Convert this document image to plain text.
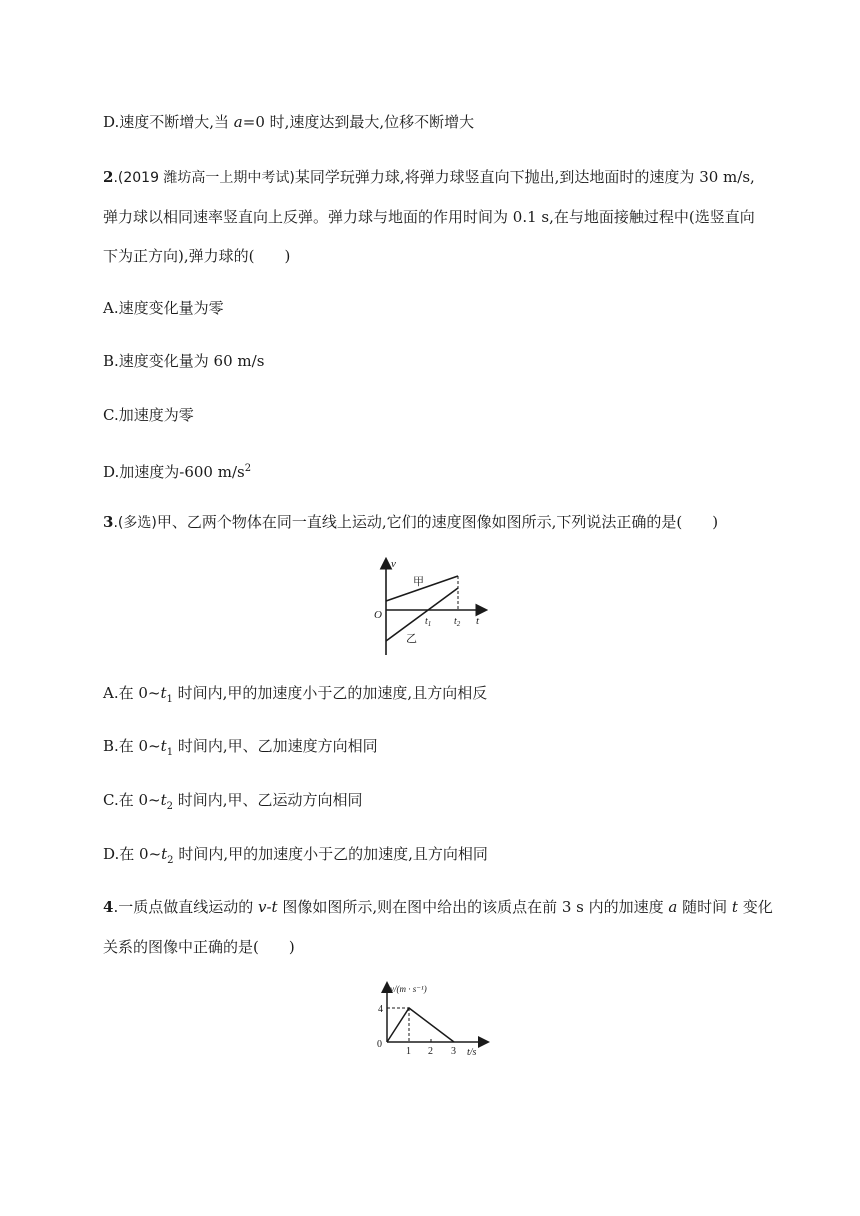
D.速度不断增大,当 a=0 时,速度达到最大,位移不断增大
2.(2019 潍坊高一上期中考试)某同学玩弹力球,将弹力球竖直向下抛出,到达地面时的速度为 30 m/s,
弹力球以相同速率竖直向上反弹。弹力球与地面的作用时间为 0.1 s,在与地面接触过程中(选竖直向
下为正方向),弹力球的(　　)
A.速度变化量为零
B.速度变化量为 60 m/s
C.加速度为零
D.加速度为-600 $m/s^2$
3.(多选)甲、乙两个物体在同一直线上运动,它们的速度图像如图所示,下列说法正确的是(　　)
v
甲
O
$t_1$ $t_2$ t
乙
A.在 $0\sim t_1$ 时间内,甲的加速度小于乙的加速度,且方向相反
B.在 $0\sim t_1$ 时间内,甲、乙加速度方向相同
C.在 $0\sim t_2$ 时间内,甲、乙运动方向相同
D.在 $0\sim t_2$ 时间内,甲的加速度小于乙的加速度,且方向相同
4.一质点做直线运动的 v-t 图像如图所示,则在图中给出的该质点在前 3 s 内的加速度 a 随时间 t 变化
关系的图像中正确的是(　　)
v/(m · s⁻¹)
4
0
1 2 3 t/s
